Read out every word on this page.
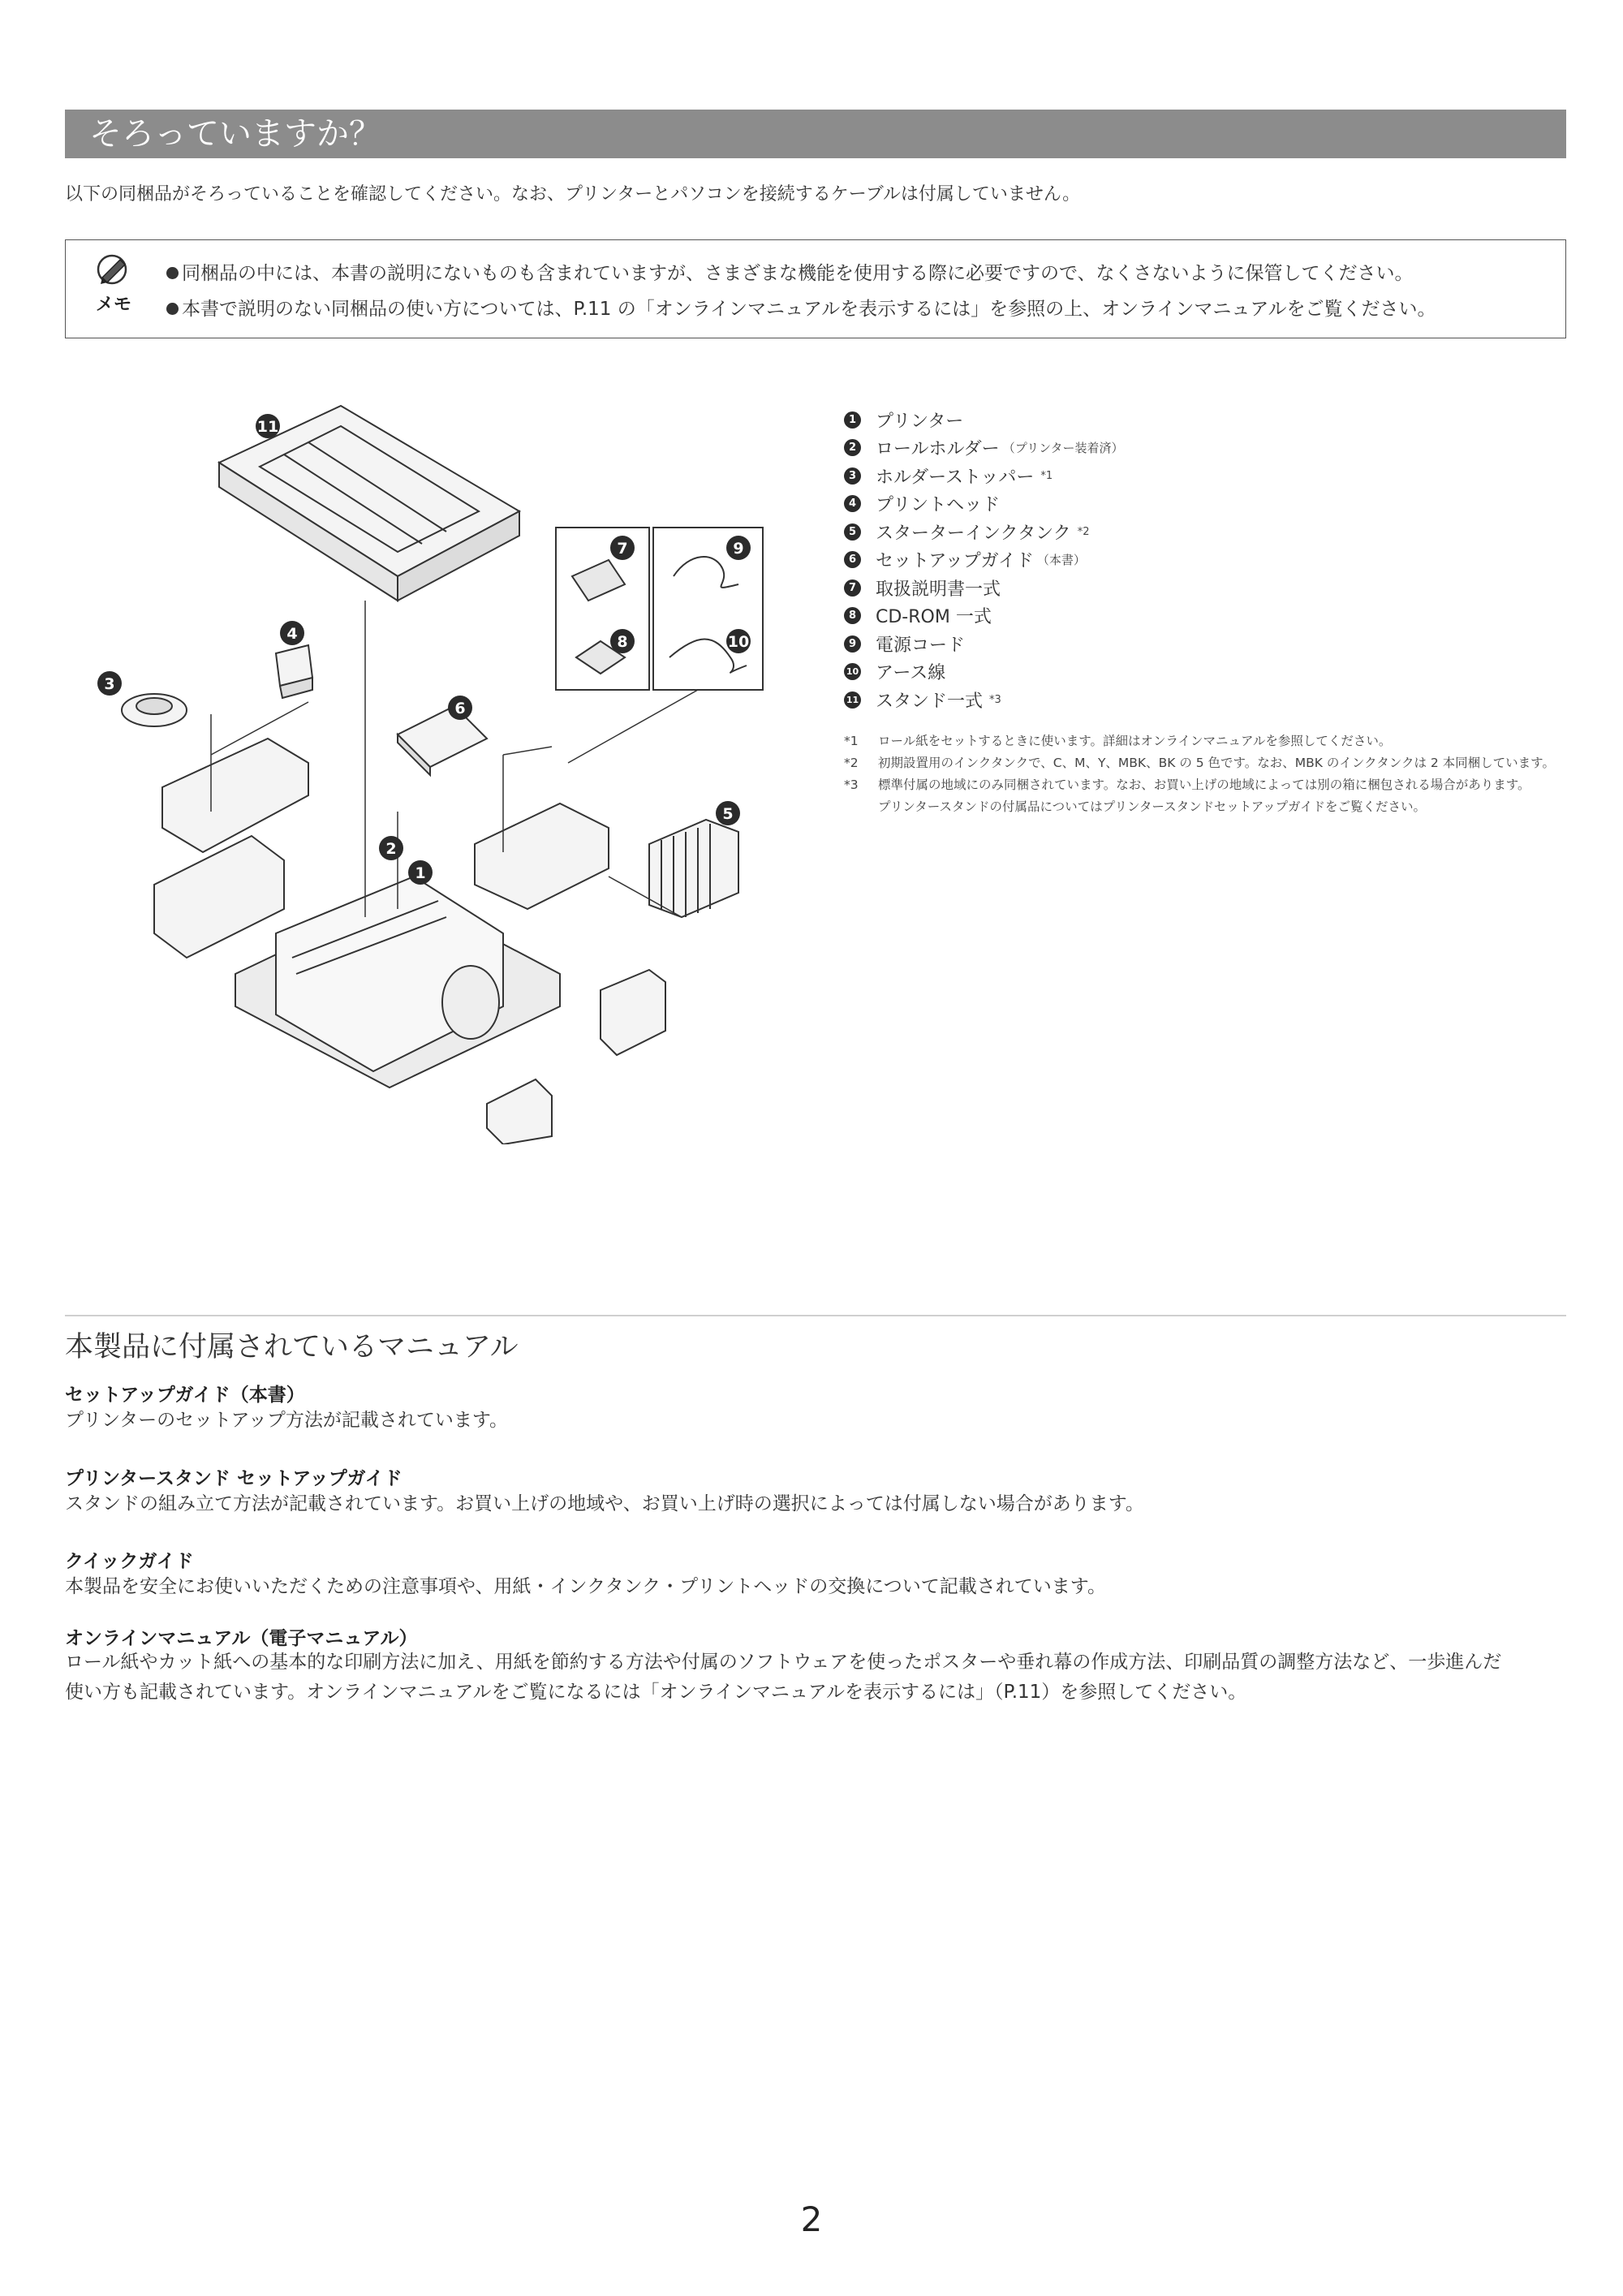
そろっていますか？
以下の同梱品がそろっていることを確認してください。なお、プリンターとパソコンを接続するケーブルは付属していません。
メモ
同梱品の中には、本書の説明にないものも含まれていますが、さまざまな機能を使用する際に必要ですので、なくさないように保管してください。
本書で説明のない同梱品の使い方については、P.11 の「オンラインマニュアルを表示するには」を参照の上、オンラインマニュアルをご覧ください。
11
7	9
4	8	10
3
6
5
2
1
1 プリンター
2 ロールホルダー （プリンター装着済）
3 ホルダーストッパー *1
4 プリントヘッド
5 スターターインクタンク *2
6 セットアップガイド （本書）
7 取扱説明書一式
8 CD-ROM 一式
9 電源コード
10 アース線
11 スタンド一式 *3
*1	ロール紙をセットするときに使います。詳細はオンラインマニュアルを参照してください。
*2	初期設置用のインクタンクで、C、M、Y、MBK、BK の 5 色です。なお、MBK のインクタンクは 2 本同梱しています。
*3	標準付属の地域にのみ同梱されています。なお、お買い上げの地域によっては別の箱に梱包される場合があります。
プリンタースタンドの付属品についてはプリンタースタンドセットアップガイドをご覧ください。
本製品に付属されているマニュアル
セットアップガイド（本書）
プリンターのセットアップ方法が記載されています。
プリンタースタンド セットアップガイド
スタンドの組み立て方法が記載されています。お買い上げの地域や、お買い上げ時の選択によっては付属しない場合があります。
クイックガイド
本製品を安全にお使いいただくための注意事項や、用紙・インクタンク・プリントヘッドの交換について記載されています。
オンラインマニュアル（電子マニュアル）
ロール紙やカット紙への基本的な印刷方法に加え、用紙を節約する方法や付属のソフトウェアを使ったポスターや垂れ幕の作成方法、印刷品質の調整方法など、一歩進んだ
使い方も記載されています。オンラインマニュアルをご覧になるには「オンラインマニュアルを表示するには」（P.11）を参照してください。
2
